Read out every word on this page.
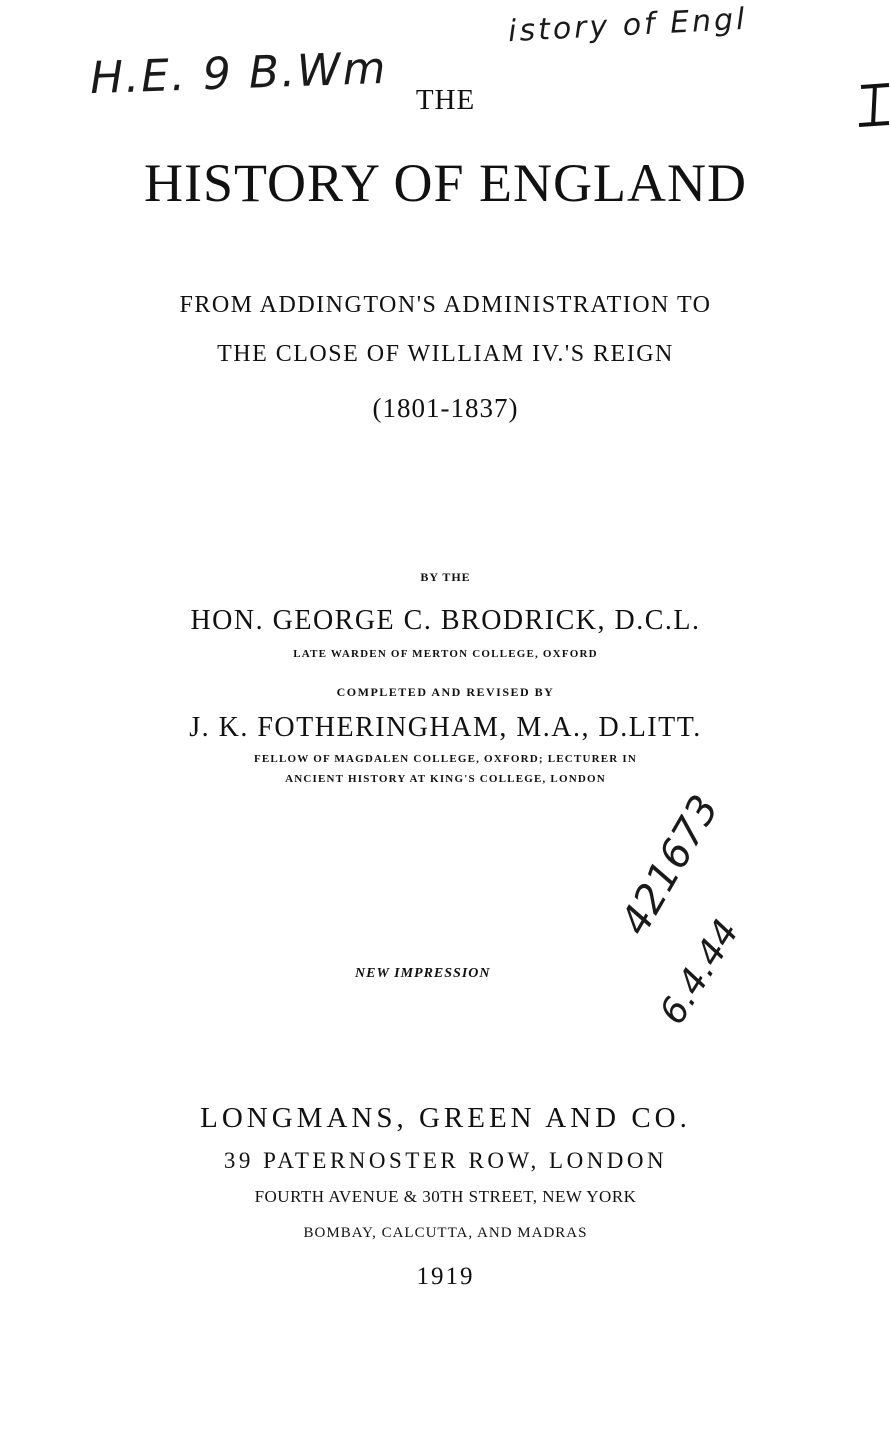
H.E. 9 B.Wm
istory of Engl
421673
6.4.44
THE
HISTORY OF ENGLAND
FROM ADDINGTON'S ADMINISTRATION TO
THE CLOSE OF WILLIAM IV.'S REIGN
(1801-1837)
BY THE
HON. GEORGE C. BRODRICK, D.C.L.
LATE WARDEN OF MERTON COLLEGE, OXFORD
COMPLETED AND REVISED BY
J. K. FOTHERINGHAM, M.A., D.LITT.
FELLOW OF MAGDALEN COLLEGE, OXFORD; LECTURER IN
ANCIENT HISTORY AT KING'S COLLEGE, LONDON
NEW IMPRESSION
LONGMANS, GREEN AND CO.
39 PATERNOSTER ROW, LONDON
FOURTH AVENUE & 30TH STREET, NEW YORK
BOMBAY, CALCUTTA, AND MADRAS
1919
